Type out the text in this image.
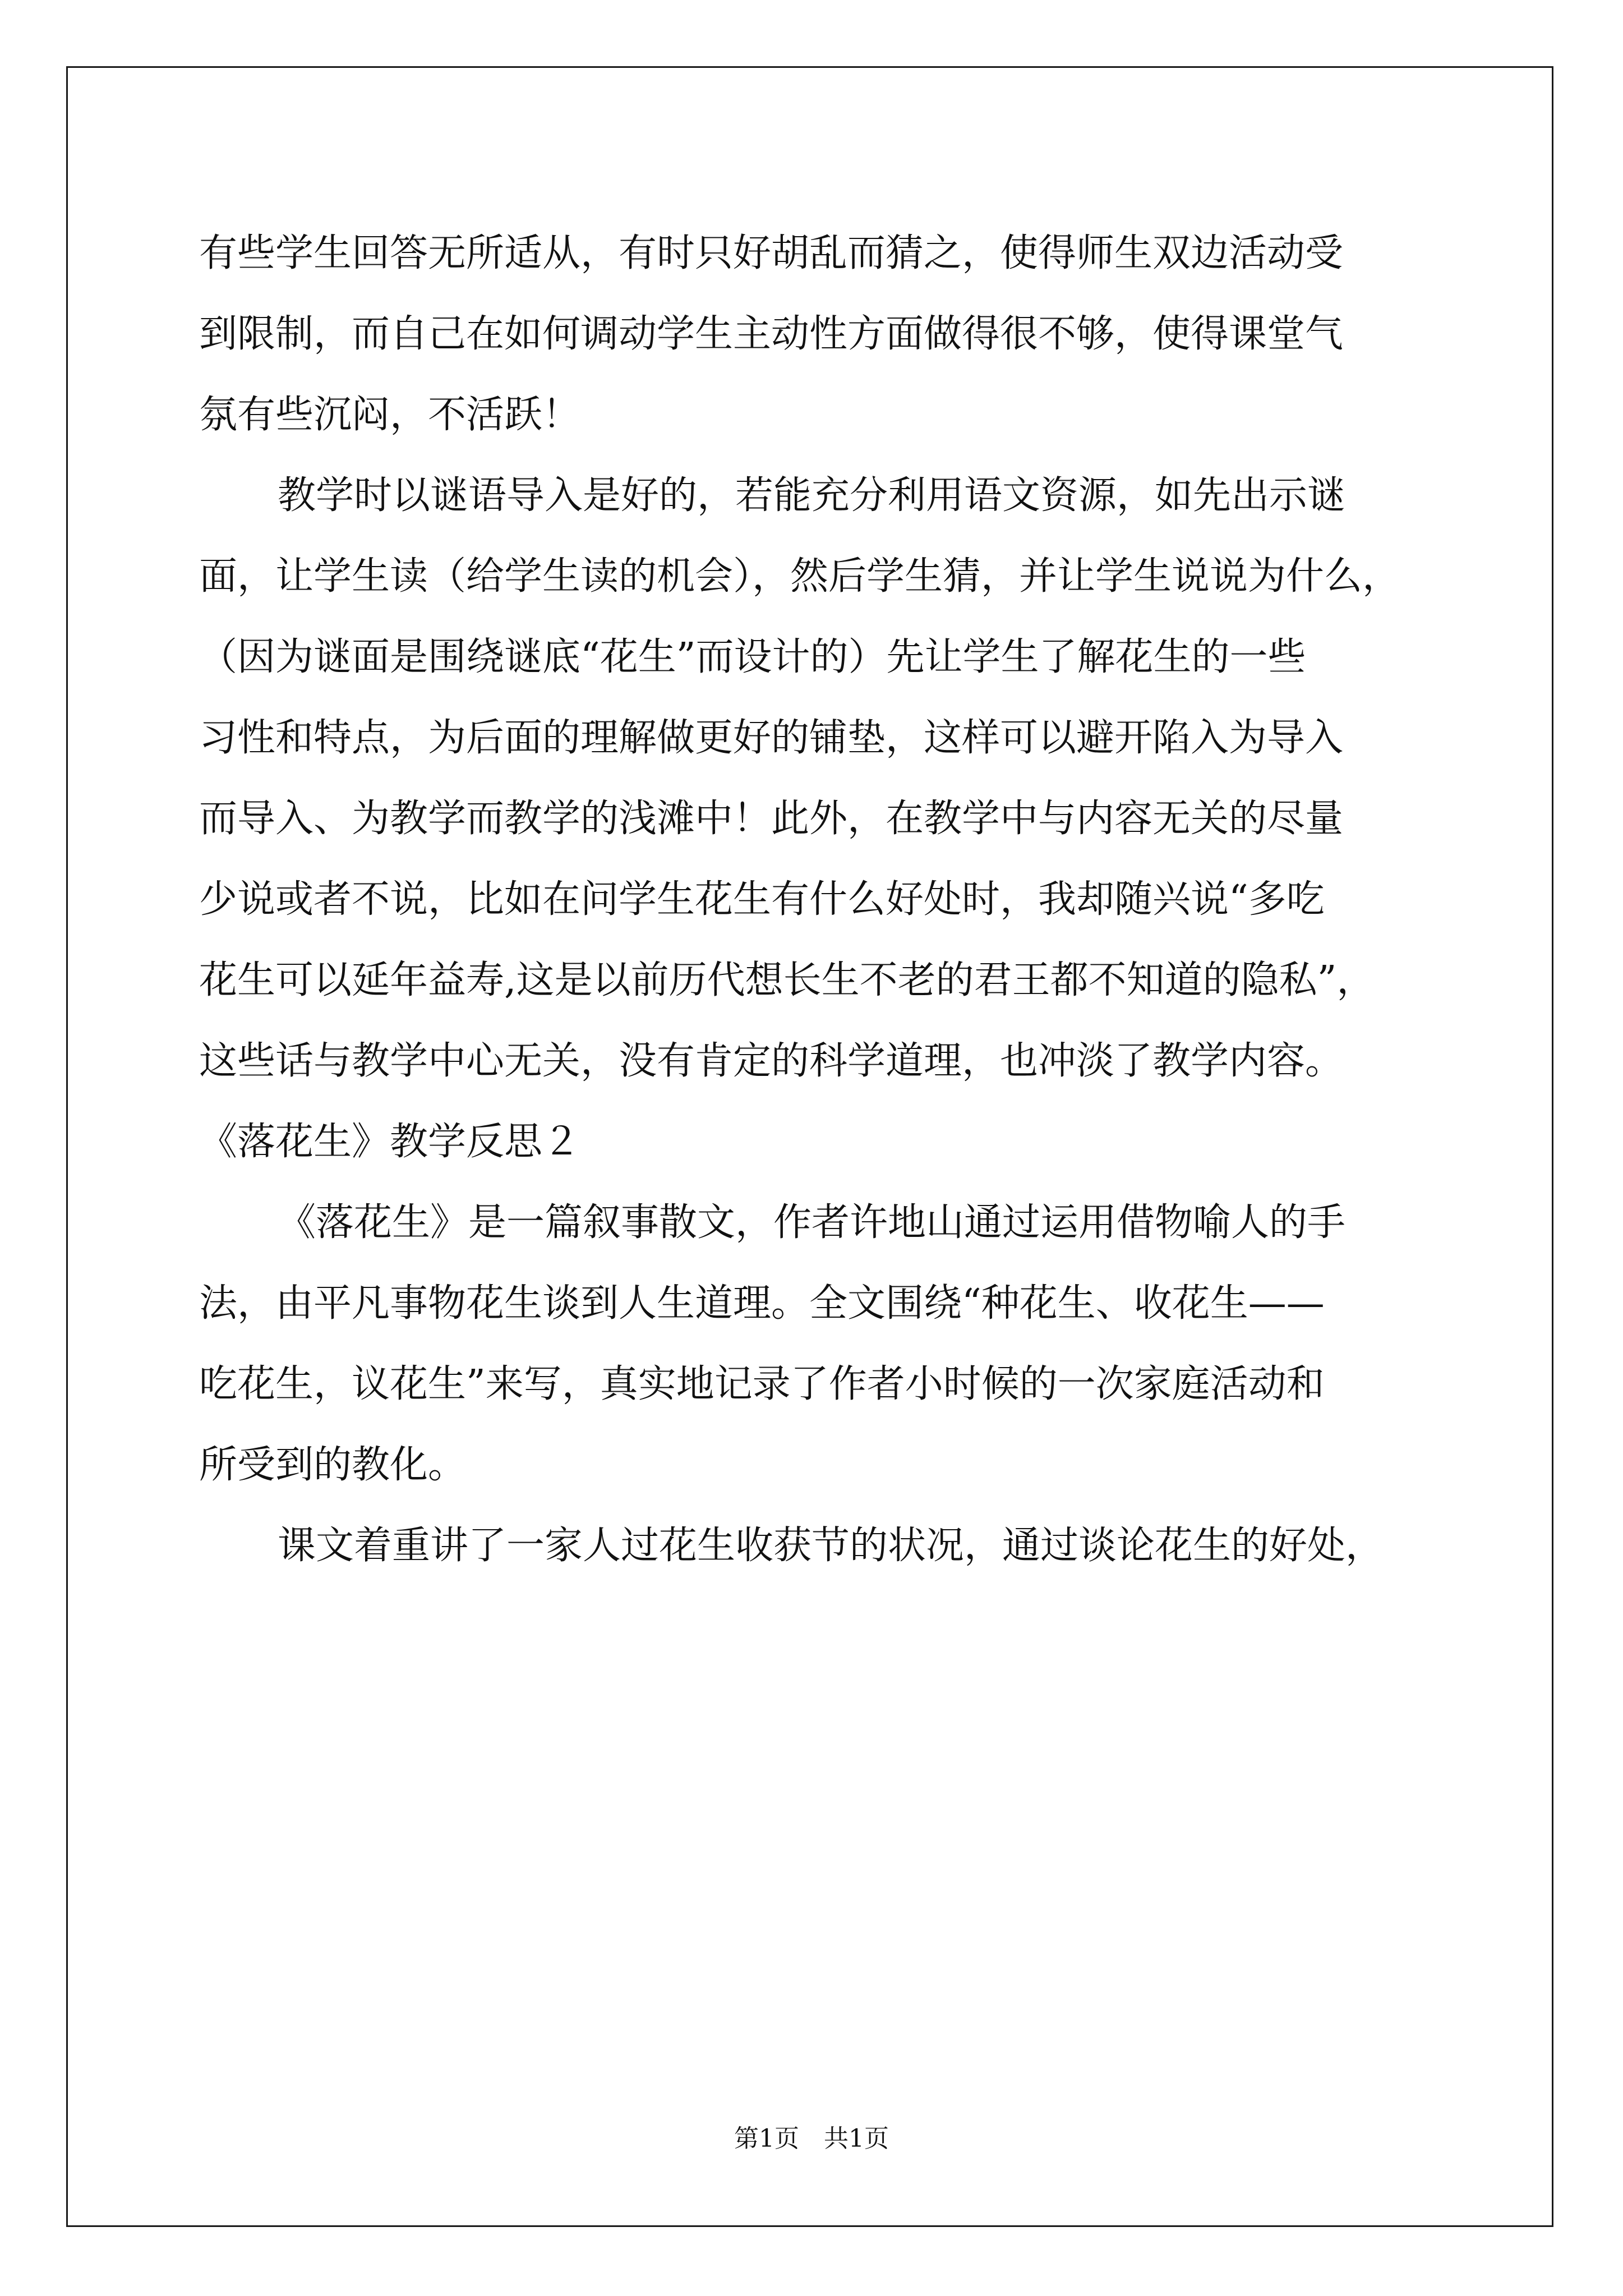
有些学生回答无所适从，有时只好胡乱而猜之，使得师生双边活动受
到限制，而自己在如何调动学生主动性方面做得很不够，使得课堂气
氛有些沉闷，不活跃！
教学时以谜语导入是好的，若能充分利用语文资源，如先出示谜
面，让学生读（给学生读的机会），然后学生猜，并让学生说说为什么，
（因为谜面是围绕谜底“花生”而设计的）先让学生了解花生的一些
习性和特点，为后面的理解做更好的铺垫，这样可以避开陷入为导入
而导入、为教学而教学的浅滩中！此外，在教学中与内容无关的尽量
少说或者不说，比如在问学生花生有什么好处时，我却随兴说“多吃
花生可以延年益寿,这是以前历代想长生不老的君王都不知道的隐私”，
这些话与教学中心无关，没有肯定的科学道理，也冲淡了教学内容。
《落花生》教学反思２
《落花生》是一篇叙事散文，作者许地山通过运用借物喻人的手
法，由平凡事物花生谈到人生道理。全文围绕“种花生、收花生——
吃花生，议花生”来写，真实地记录了作者小时候的一次家庭活动和
所受到的教化。
课文着重讲了一家人过花生收获节的状况，通过谈论花生的好处，
第1页　共1页
